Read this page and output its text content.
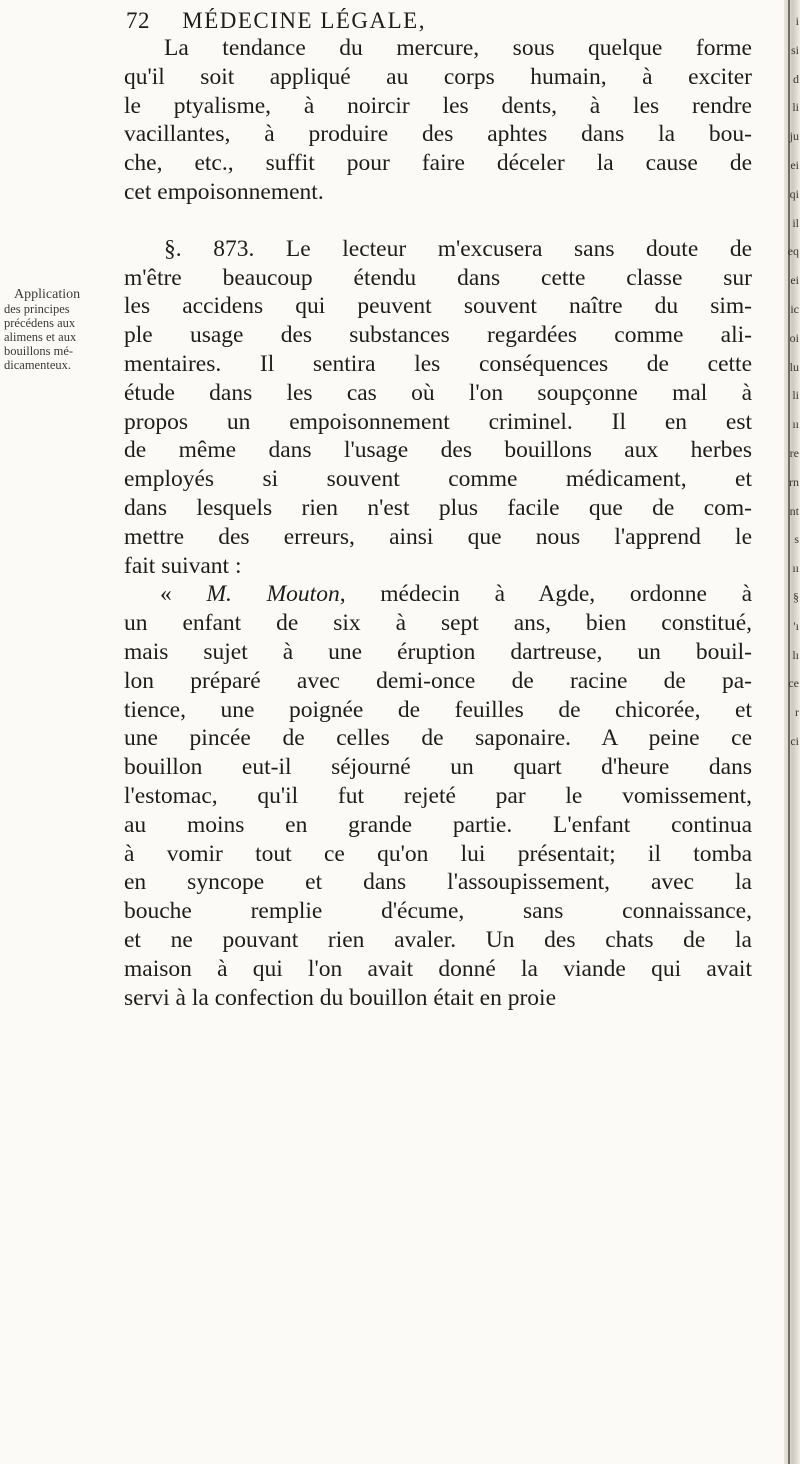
72 MÉDECINE LÉGALE,
Application
des principes
précédens aux
alimens et aux
bouillons mé-
dicamenteux.
La tendance du mercure, sous quelque forme
qu'il soit appliqué au corps humain, à exciter
le ptyalisme, à noircir les dents, à les rendre
vacillantes, à produire des aphtes dans la bou-
che, etc., suffit pour faire déceler la cause de
cet empoisonnement.
§. 873. Le lecteur m'excusera sans doute de
m'être beaucoup étendu dans cette classe sur
les accidens qui peuvent souvent naître du sim-
ple usage des substances regardées comme ali-
mentaires. Il sentira les conséquences de cette
étude dans les cas où l'on soupçonne mal à
propos un empoisonnement criminel. Il en est
de même dans l'usage des bouillons aux herbes
employés si souvent comme médicament, et
dans lesquels rien n'est plus facile que de com-
mettre des erreurs, ainsi que nous l'apprend le
fait suivant :
« M. Mouton, médecin à Agde, ordonne à
un enfant de six à sept ans, bien constitué,
mais sujet à une éruption dartreuse, un bouil-
lon préparé avec demi-once de racine de pa-
tience, une poignée de feuilles de chicorée, et
une pincée de celles de saponaire. A peine ce
bouillon eut-il séjourné un quart d'heure dans
l'estomac, qu'il fut rejeté par le vomissement,
au moins en grande partie. L'enfant continua
à vomir tout ce qu'on lui présentait; il tomba
en syncope et dans l'assoupissement, avec la
bouche remplie d'écume, sans connaissance,
et ne pouvant rien avaler. Un des chats de la
maison à qui l'on avait donné la viande qui avait
servi à la confection du bouillon était en proie
i
si
d
li
ju
ei
qi
il
eq
ei
ic
oi
lu
li
ıı
re
rn
nt
s
ıı
§
'ı
lı
ce
r
ci
